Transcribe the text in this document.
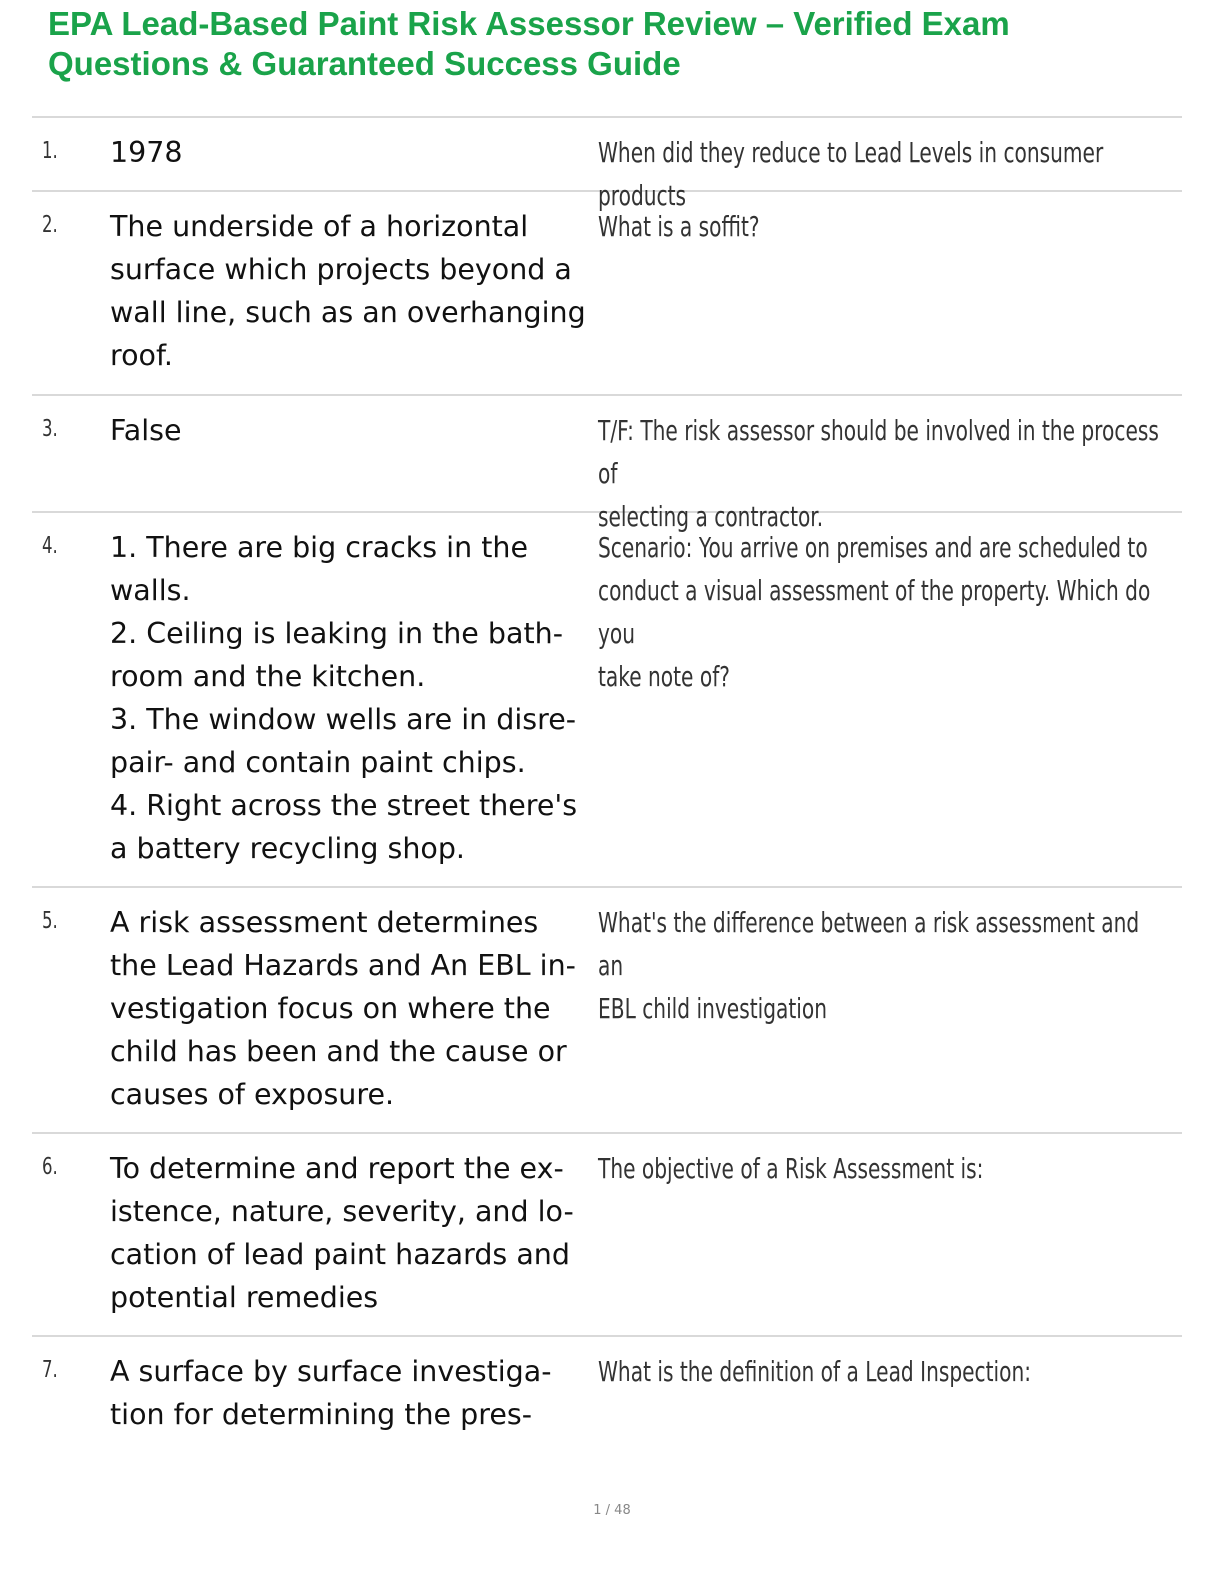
EPA Lead-Based Paint Risk Assessor Review – Verified Exam Questions & Guaranteed Success Guide
1. 1978	When did they reduce to Lead Levels in consumer products
2. The underside of a horizontal
surface which projects beyond a
wall line, such as an overhanging
roof.
What is a soffit?
3. False	T/F: The risk assessor should be involved in the process of
selecting a contractor.
4. 1. There are big cracks in the
walls.
2. Ceiling is leaking in the bath-
room and the kitchen.
3. The window wells are in disre-
pair- and contain paint chips.
4. Right across the street there's
a battery recycling shop.
Scenario: You arrive on premises and are scheduled to
conduct a visual assessment of the property. Which do you
take note of?
5. A risk assessment determines
the Lead Hazards and An EBL in-
vestigation focus on where the
child has been and the cause or
causes of exposure.
What's the difference between a risk assessment and an
EBL child investigation
6. To determine and report the ex-
istence, nature, severity, and lo-
cation of lead paint hazards and
potential remedies
The objective of a Risk Assessment is:
7. A surface by surface investiga-
tion for determining the pres-
What is the definition of a Lead Inspection:
1 / 48
